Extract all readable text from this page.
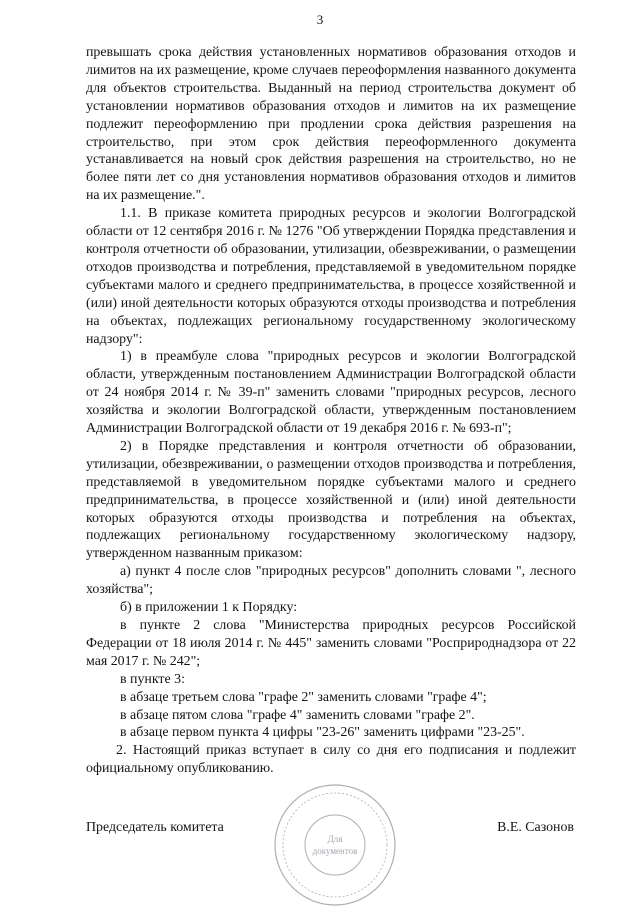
3

превышать срока действия установленных нормативов образования отходов и лимитов на их размещение, кроме случаев переоформления названного документа для объектов строительства. Выданный на период строительства документ об установлении нормативов образования отходов и лимитов на их размещение подлежит переоформлению при продлении срока действия разрешения на строительство, при этом срок действия переоформленного документа устанавливается на новый срок действия разрешения на строительство, но не более пяти лет со дня установления нормативов образования отходов и лимитов на их размещение.".

1.1. В приказе комитета природных ресурсов и экологии Волгоградской области от 12 сентября 2016 г. № 1276 "Об утверждении Порядка представления и контроля отчетности об образовании, утилизации, обезвреживании, о размещении отходов производства и потребления, представляемой в уведомительном порядке субъектами малого и среднего предпринимательства, в процессе хозяйственной и (или) иной деятельности которых образуются отходы производства и потребления на объектах, подлежащих региональному государственному экологическому надзору":

1) в преамбуле слова "природных ресурсов и экологии Волгоградской области, утвержденным постановлением Администрации Волгоградской области от 24 ноября 2014 г. № 39-п" заменить словами "природных ресурсов, лесного хозяйства и экологии Волгоградской области, утвержденным постановлением Администрации Волгоградской области от 19 декабря 2016 г. № 693-п";

2) в Порядке представления и контроля отчетности об образовании, утилизации, обезвреживании, о размещении отходов производства и потребления, представляемой в уведомительном порядке субъектами малого и среднего предпринимательства, в процессе хозяйственной и (или) иной деятельности которых образуются отходы производства и потребления на объектах, подлежащих региональному государственному экологическому надзору, утвержденном названным приказом:

а) пункт 4 после слов "природных ресурсов" дополнить словами ", лесного хозяйства";

б) в приложении 1 к Порядку:

в пункте 2 слова "Министерства природных ресурсов Российской Федерации от 18 июля 2014 г. № 445" заменить словами "Росприроднадзора от 22 мая 2017 г. № 242";

в пункте 3:

в абзаце третьем слова "графе 2" заменить словами "графе 4";

в абзаце пятом слова "графе 4" заменить словами "графе 2".

в абзаце первом пункта 4 цифры "23-26" заменить цифрами "23-25".

2. Настоящий приказ вступает в силу со дня его подписания и подлежит официальному опубликованию.

Председатель комитета	В.Е. Сазонов
Для
документов
